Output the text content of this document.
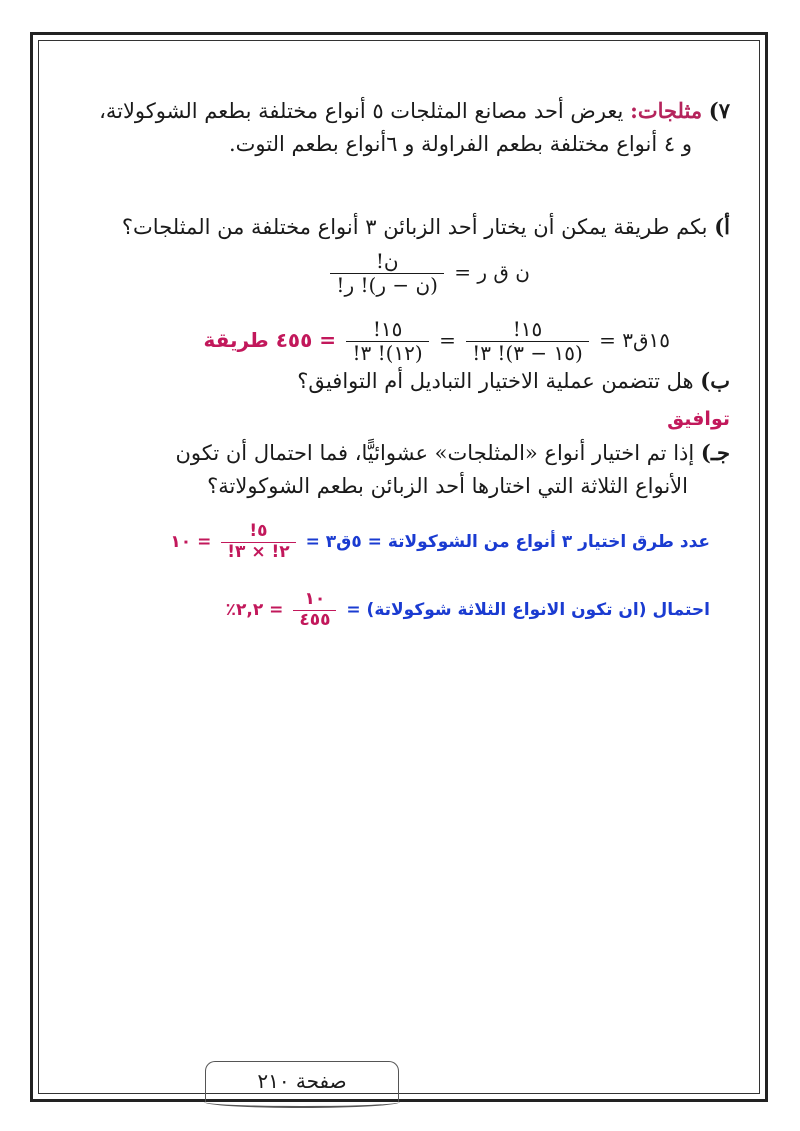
٧) مثلجات: يعرض أحد مصانع المثلجات ٥ أنواع مختلفة بطعم الشوكولاتة،
و ٤ أنواع مختلفة بطعم الفراولة و ٦أنواع بطعم التوت.
أ) بكم طريقة يمكن أن يختار أحد الزبائن ٣ أنواع مختلفة من المثلجات؟
ن ق ر =
$\frac{\text{ن!}}{\text{(ن − ر)! ر!}}$
١٥ق٣ =
$\frac{١٥!}{(١٥ - ٣)! ٣!}$
=
$\frac{١٥!}{(١٢)! ٣!}$
= ٤٥٥ طريقة
ب) هل تتضمن عملية الاختيار التباديل أم التوافيق؟
توافيق
جـ) إذا تم اختيار أنواع «المثلجات» عشوائيًّا، فما احتمال أن تكون
الأنواع الثلاثة التي اختارها أحد الزبائن بطعم الشوكولاتة؟
عدد طرق اختيار ٣ أنواع من الشوكولاتة = ٥ق٣ =
$\frac{٥!}{٢! \times ٣!}$
= ١٠
احتمال (ان تكون الانواع الثلاثة شوكولاتة) =
$\frac{١٠}{٤٥٥}$
= ٢,٢٪
صفحة ٢١٠
